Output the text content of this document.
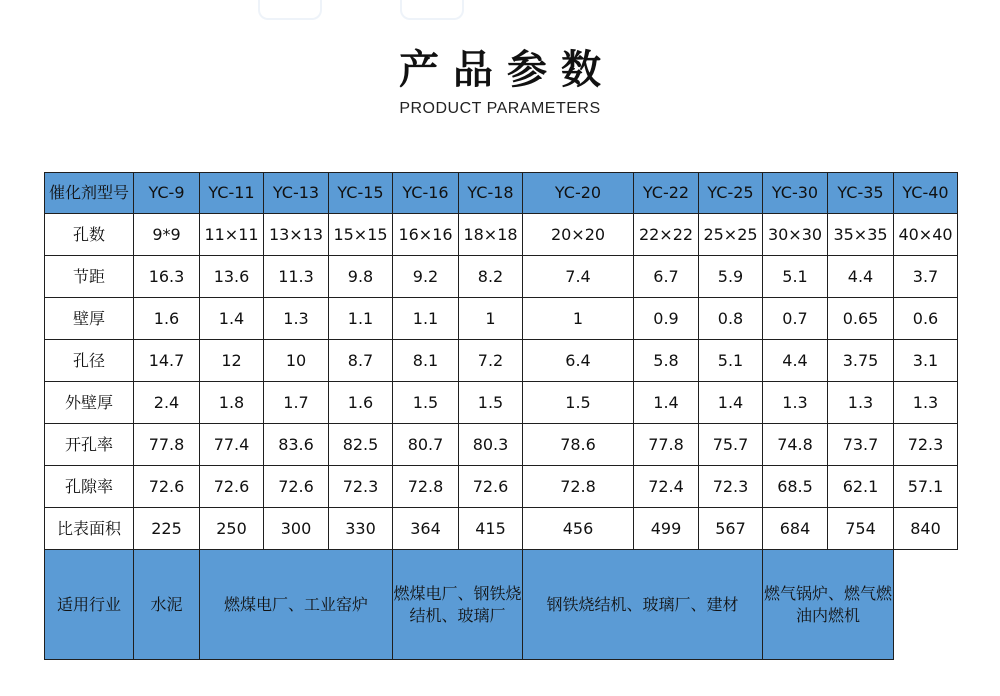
产品参数
PRODUCT PARAMETERS
催化剂型号	YC-9	YC-11	YC-13	YC-15	YC-16	YC-18	YC-20	YC-22	YC-25	YC-30	YC-35	YC-40
孔数	9*9	11×11	13×13	15×15	16×16	18×18	20×20	22×22	25×25	30×30	35×35	40×40
节距	16.3	13.6	11.3	9.8	9.2	8.2	7.4	6.7	5.9	5.1	4.4	3.7
壁厚	1.6	1.4	1.3	1.1	1.1	1	1	0.9	0.8	0.7	0.65	0.6
孔径	14.7	12	10	8.7	8.1	7.2	6.4	5.8	5.1	4.4	3.75	3.1
外壁厚	2.4	1.8	1.7	1.6	1.5	1.5	1.5	1.4	1.4	1.3	1.3	1.3
开孔率	77.8	77.4	83.6	82.5	80.7	80.3	78.6	77.8	75.7	74.8	73.7	72.3
孔隙率	72.6	72.6	72.6	72.3	72.8	72.6	72.8	72.4	72.3	68.5	62.1	57.1
比表面积	225	250	300	330	364	415	456	499	567	684	754	840
适用行业	水泥	燃煤电厂、工业窑炉			燃煤电厂、钢铁烧结机、玻璃厂		钢铁烧结机、玻璃厂、建材			燃气锅炉、燃气燃油内燃机		
